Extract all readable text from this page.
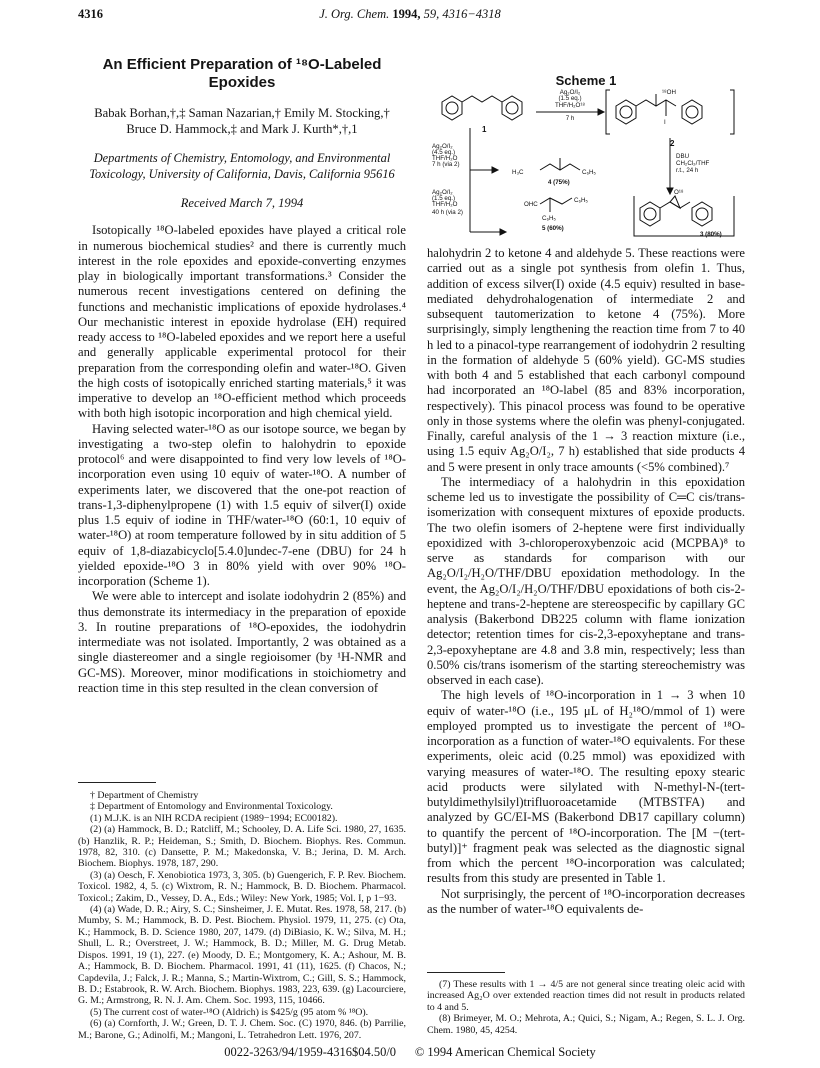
4316	J. Org. Chem. 1994, 59, 4316−4318
An Efficient Preparation of ¹⁸O-Labeled Epoxides
Babak Borhan,†,‡ Saman Nazarian,† Emily M. Stocking,† Bruce D. Hammock,‡ and Mark J. Kurth*,†,1
Departments of Chemistry, Entomology, and Environmental Toxicology, University of California, Davis, California 95616
Received March 7, 1994

Isotopically ¹⁸O-labeled epoxides have played a critical role in numerous biochemical studies² and there is currently much interest in the role epoxides and epoxide-converting enzymes play in biologically important transformations.³ Consider the numerous recent investigations centered on defining the functions and mechanistic implications of epoxide hydrolases.⁴ Our mechanistic interest in epoxide hydrolase (EH) required ready access to ¹⁸O-labeled epoxides and we report here a useful and generally applicable experimental protocol for their preparation from the corresponding olefin and water-¹⁸O. Given the high costs of isotopically enriched starting materials,⁵ it was imperative to develop an ¹⁸O-efficient method which proceeds with both high isotopic incorporation and high chemical yield.

Having selected water-¹⁸O as our isotope source, we began by investigating a two-step olefin to halohydrin to epoxide protocol⁶ and were disappointed to find very low levels of ¹⁸O-incorporation even using 10 equiv of water-¹⁸O. A number of experiments later, we discovered that the one-pot reaction of trans-1,3-diphenylpropene (1) with 1.5 equiv of silver(I) oxide plus 1.5 equiv of iodine in THF/water-¹⁸O (60:1, 10 equiv of water-¹⁸O) at room temperature followed by in situ addition of 5 equiv of 1,8-diazabicyclo[5.4.0]undec-7-ene (DBU) for 24 h yielded epoxide-¹⁸O 3 in 80% yield with over 90% ¹⁸O-incorporation (Scheme 1).

We were able to intercept and isolate iodohydrin 2 (85%) and thus demonstrate its intermediacy in the preparation of epoxide 3. In routine preparations of ¹⁸O-epoxides, the iodohydrin intermediate was not isolated. Importantly, 2 was obtained as a single diastereomer and a single regioisomer (by ¹H-NMR and GC-MS). Moreover, minor modifications in stoichiometry and reaction time in this step resulted in the clean conversion of

Scheme 1
Ag₂O/I₂
(1.5 eq.)
THF/H₂O¹⁸
7 h
1
2
¹⁸OH
I
Ag₂O/I₂
(4.5 eq.)
THF/H₂O
7 h (via 2)
H₃C	C₆H₅
4 (75%)
Ag₂O/I₂
(1.5 eq.)
THF/H₂O
40 h (via 2)
OHC
C₆H₅
C₆H₅
5 (60%)
DBU
CH₂Cl₂/THF
r.t., 24 h
O¹⁸
3 (80%)

halohydrin 2 to ketone 4 and aldehyde 5. These reactions were carried out as a single pot synthesis from olefin 1. Thus, addition of excess silver(I) oxide (4.5 equiv) resulted in base-mediated dehydrohalogenation of intermediate 2 and subsequent tautomerization to ketone 4 (75%). More surprisingly, simply lengthening the reaction time from 7 to 40 h led to a pinacol-type rearrangement of iodohydrin 2 resulting in the formation of aldehyde 5 (60% yield). GC-MS studies with both 4 and 5 established that each carbonyl compound had incorporated an ¹⁸O-label (85 and 83% incorporation, respectively). This pinacol process was found to be operative only in those systems where the olefin was phenyl-conjugated. Finally, careful analysis of the 1 → 3 reaction mixture (i.e., using 1.5 equiv Ag₂O/I₂, 7 h) established that side products 4 and 5 were present in only trace amounts (<5% combined).⁷

The intermediacy of a halohydrin in this epoxidation scheme led us to investigate the possibility of C═C cis/trans-isomerization with consequent mixtures of epoxide products. The two olefin isomers of 2-heptene were first individually epoxidized with 3-chloroperoxybenzoic acid (MCPBA)⁸ to serve as standards for comparison with our Ag₂O/I₂/H₂O/THF/DBU epoxidation methodology. In the event, the Ag₂O/I₂/H₂O/THF/DBU epoxidations of both cis-2-heptene and trans-2-heptene are stereospecific by capillary GC analysis (Bakerbond DB225 column with flame ionization detector; retention times for cis-2,3-epoxyheptane and trans-2,3-epoxyheptane are 4.8 and 3.8 min, respectively; less than 0.50% cis/trans isomerism of the starting stereochemistry was observed in each case).

The high levels of ¹⁸O-incorporation in 1 → 3 when 10 equiv of water-¹⁸O (i.e., 195 μL of H₂¹⁸O/mmol of 1) were employed prompted us to investigate the percent of ¹⁸O-incorporation as a function of water-¹⁸O equivalents. For these experiments, oleic acid (0.25 mmol) was epoxidized with varying measures of water-¹⁸O. The resulting epoxy stearic acid products were silylated with N-methyl-N-(tert-butyldimethylsilyl)trifluoroacetamide (MTBSTFA) and analyzed by GC/EI-MS (Bakerbond DB17 capillary column) to quantify the percent of ¹⁸O-incorporation. The [M −(tert-butyl)]⁺ fragment peak was selected as the diagnostic signal from which the percent ¹⁸O-incorporation was calculated; results from this study are presented in Table 1.

Not surprisingly, the percent of ¹⁸O-incorporation decreases as the number of water-¹⁸O equivalents de-

† Department of Chemistry

‡ Department of Entomology and Environmental Toxicology.

(1) M.J.K. is an NIH RCDA recipient (1989−1994; EC00182).

(2) (a) Hammock, B. D.; Ratcliff, M.; Schooley, D. A. Life Sci. 1980, 27, 1635. (b) Hanzlik, R. P.; Heideman, S.; Smith, D. Biochem. Biophys. Res. Commun. 1978, 82, 310. (c) Dansette, P. M.; Makedonska, V. B.; Jerina, D. M. Arch. Biochem. Biophys. 1978, 187, 290.

(3) (a) Oesch, F. Xenobiotica 1973, 3, 305. (b) Guengerich, F. P. Rev. Biochem. Toxicol. 1982, 4, 5. (c) Wixtrom, R. N.; Hammock, B. D. Biochem. Pharmacol. Toxicol.; Zakim, D., Vessey, D. A., Eds.; Wiley: New York, 1985; Vol. I, p 1−93.

(4) (a) Wade, D. R.; Airy, S. C.; Sinsheimer, J. E. Mutat. Res. 1978, 58, 217. (b) Mumby, S. M.; Hammock, B. D. Pest. Biochem. Physiol. 1979, 11, 275. (c) Ota, K.; Hammock, B. D. Science 1980, 207, 1479. (d) DiBiasio, K. W.; Silva, M. H.; Shull, L. R.; Overstreet, J. W.; Hammock, B. D.; Miller, M. G. Drug Metab. Dispos. 1991, 19 (1), 227. (e) Moody, D. E.; Montgomery, K. A.; Ashour, M. B. A.; Hammock, B. D. Biochem. Pharmacol. 1991, 41 (11), 1625. (f) Chacos, N.; Capdevila, J.; Falck, J. R.; Manna, S.; Martin-Wixtrom, C.; Gill, S. S.; Hammock, B. D.; Estabrook, R. W. Arch. Biochem. Biophys. 1983, 223, 639. (g) Lacourciere, G. M.; Armstrong, R. N. J. Am. Chem. Soc. 1993, 115, 10466.

(5) The current cost of water-¹⁸O (Aldrich) is $425/g (95 atom % ¹⁸O).

(6) (a) Cornforth, J. W.; Green, D. T. J. Chem. Soc. (C) 1970, 846. (b) Parrilie, M.; Barone, G.; Adinolfi, M.; Mangoni, L. Tetrahedron Lett. 1976, 207.

(7) These results with 1 → 4/5 are not general since treating oleic acid with increased Ag₂O over extended reaction times did not result in products related to 4 and 5.

(8) Brimeyer, M. O.; Mehrota, A.; Quici, S.; Nigam, A.; Regen, S. L. J. Org. Chem. 1980, 45, 4254.

0022-3263/94/1959-4316$04.50/0 © 1994 American Chemical Society
